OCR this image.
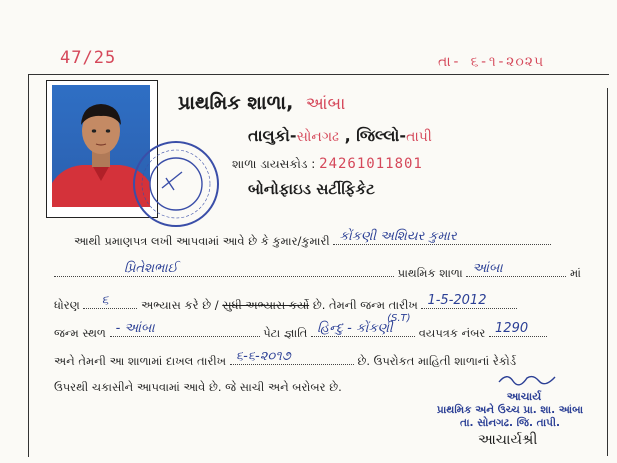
47/25	તા- ૬-૧-૨૦૨૫
પ્રાથમિક શાળા, આંબા
તાલુકો-સોનગઢ , જિલ્લો-તાપી
શાળા ડાયસકોડ : 24261011801
બોનોફાઇડ સર્ટીફિકેટ
આથી પ્રમાણપત્ર લખી આપવામાં આવે છે કે કુમાર/કુમારી કોંકણી અશિયર કુમાર
પ્રિતેશભાઈ	પ્રાથમિક શાળા આંબા	માં
ધોરણ ૬	અભ્યાસ કરે છે / સુધી અભ્યાસ કર્યો છે. તેમની જન્મ તારીખ 1-5-2012
જન્મ સ્થળ - આંબા	પેટા જ્ઞાતિ હિન્દુ - કોંકણી
(S.T)
વયપત્રક નંબર 1290
અને તેમની આ શાળામાં દાખલ તારીખ ૬-૬-૨૦૧૭	છે. ઉપરોકત માહિતી શાળાનાં રેકોર્ડ
ઉપરથી ચકાસીને આપવામાં આવે છે. જે સાચી અને બરોબર છે.
આચાર્ય
પ્રાથમિક અને ઉચ્ચ પ્રા. શા. આંબા
તા. સોનગઢ. જિ. તાપી.
આચાર્યશ્રી
